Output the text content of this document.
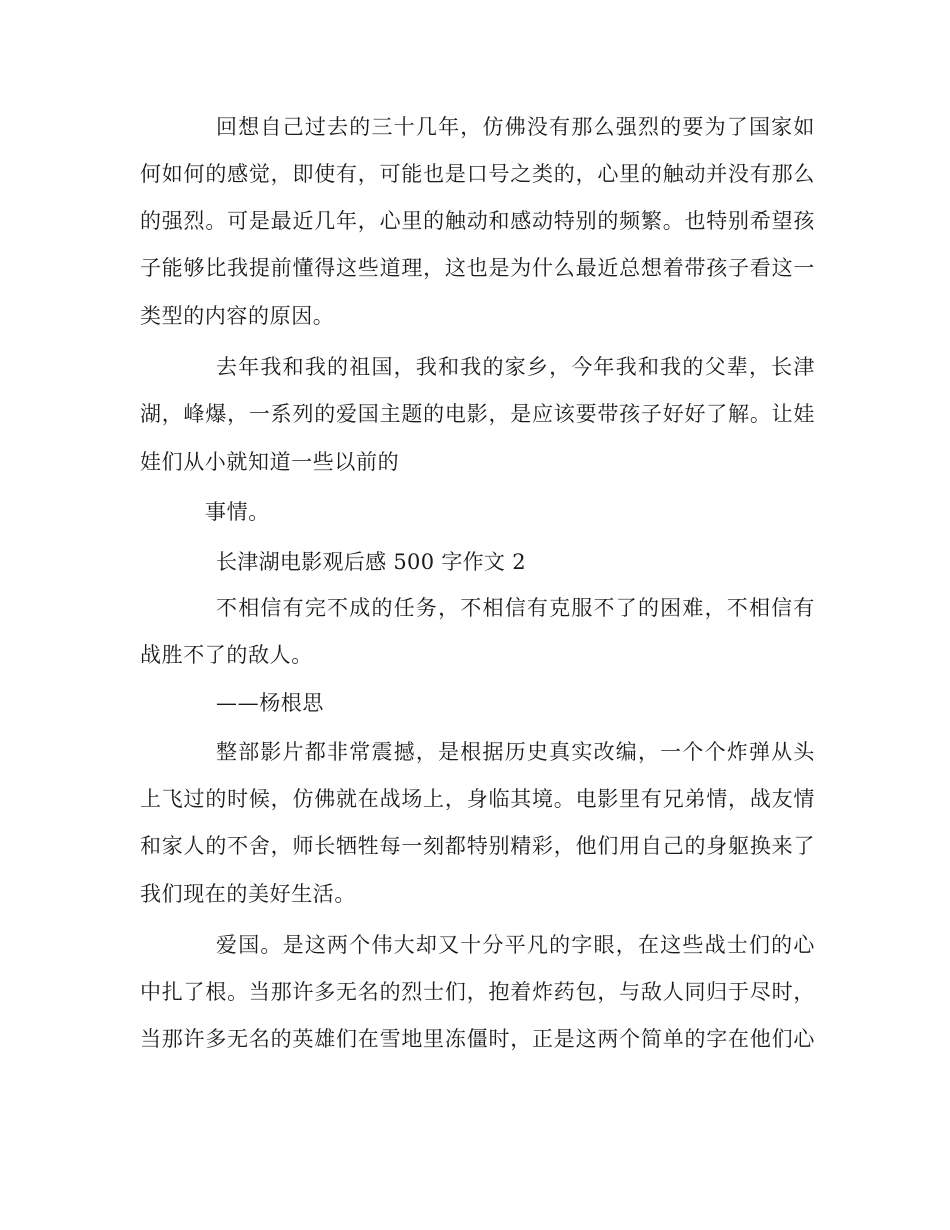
回想自己过去的三十几年，仿佛没有那么强烈的要为了国家如
何如何的感觉，即使有，可能也是口号之类的，心里的触动并没有那么
的强烈。可是最近几年，心里的触动和感动特别的频繁。也特别希望孩
子能够比我提前懂得这些道理，这也是为什么最近总想着带孩子看这一
类型的内容的原因。
去年我和我的祖国，我和我的家乡，今年我和我的父辈，长津
湖，峰爆，一系列的爱国主题的电影，是应该要带孩子好好了解。让娃
娃们从小就知道一些以前的
事情。
长津湖电影观后感 500 字作文 2
不相信有完不成的任务，不相信有克服不了的困难，不相信有
战胜不了的敌人。
——杨根思
整部影片都非常震撼，是根据历史真实改编，一个个炸弹从头
上飞过的时候，仿佛就在战场上，身临其境。电影里有兄弟情，战友情
和家人的不舍，师长牺牲每一刻都特别精彩，他们用自己的身躯换来了
我们现在的美好生活。
爱国。是这两个伟大却又十分平凡的字眼，在这些战士们的心
中扎了根。当那许多无名的烈士们，抱着炸药包，与敌人同归于尽时，
当那许多无名的英雄们在雪地里冻僵时，正是这两个简单的字在他们心
